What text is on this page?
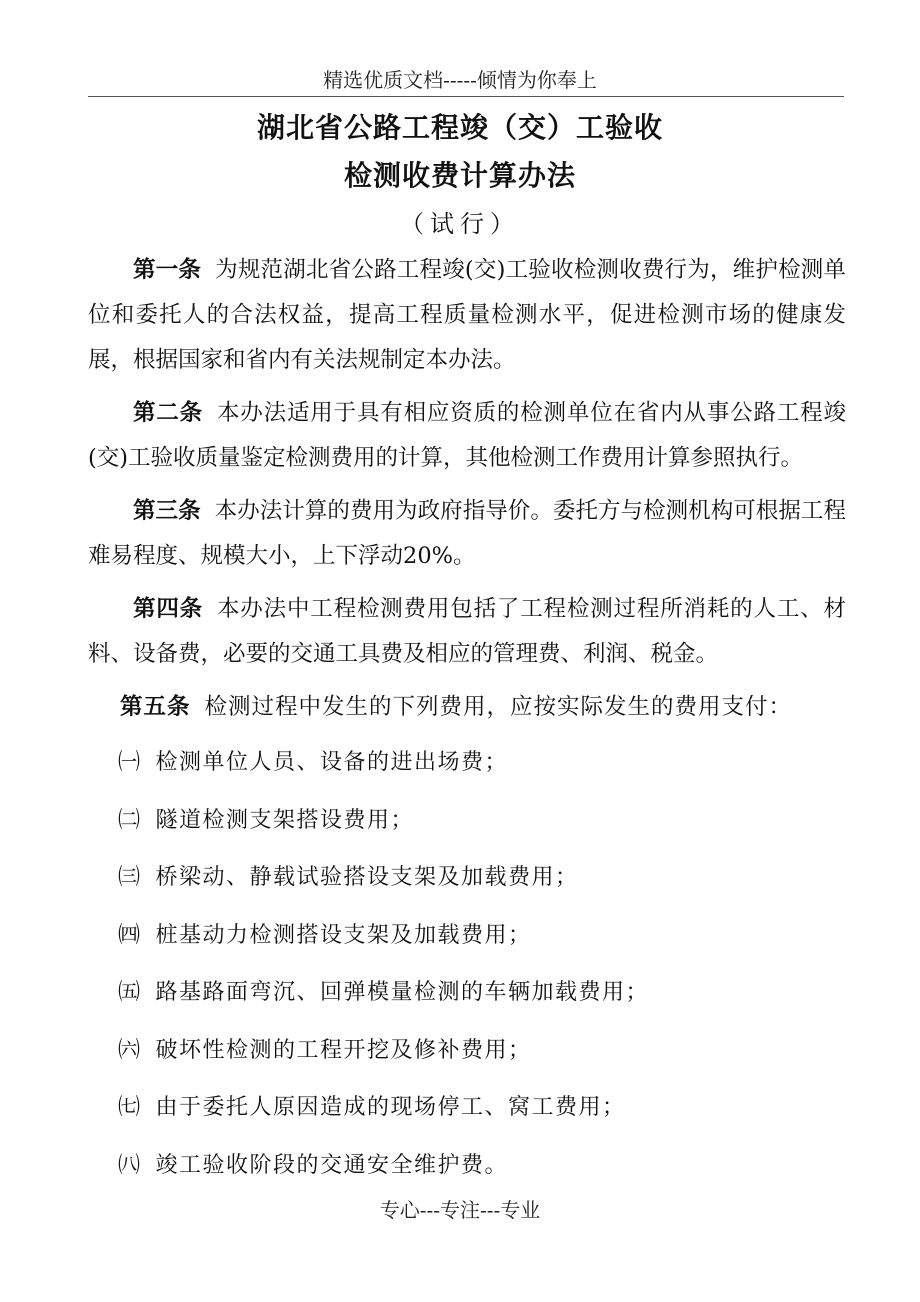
精选优质文档-----倾情为你奉上
湖北省公路工程竣（交）工验收
检测收费计算办法
（试行）

第一条 为规范湖北省公路工程竣(交)工验收检测收费行为，维护检测单位和委托人的合法权益，提高工程质量检测水平，促进检测市场的健康发展，根据国家和省内有关法规制定本办法。

第二条 本办法适用于具有相应资质的检测单位在省内从事公路工程竣(交)工验收质量鉴定检测费用的计算，其他检测工作费用计算参照执行。

第三条 本办法计算的费用为政府指导价。委托方与检测机构可根据工程难易程度、规模大小，上下浮动20%。

第四条 本办法中工程检测费用包括了工程检测过程所消耗的人工、材料、设备费，必要的交通工具费及相应的管理费、利润、税金。

第五条 检测过程中发生的下列费用，应按实际发生的费用支付：

㈠ 检测单位人员、设备的进出场费；
㈡ 隧道检测支架搭设费用；
㈢ 桥梁动、静载试验搭设支架及加载费用；
㈣ 桩基动力检测搭设支架及加载费用；
㈤ 路基路面弯沉、回弹模量检测的车辆加载费用；
㈥ 破坏性检测的工程开挖及修补费用；
㈦ 由于委托人原因造成的现场停工、窝工费用；
㈧ 竣工验收阶段的交通安全维护费。
专心---专注---专业
